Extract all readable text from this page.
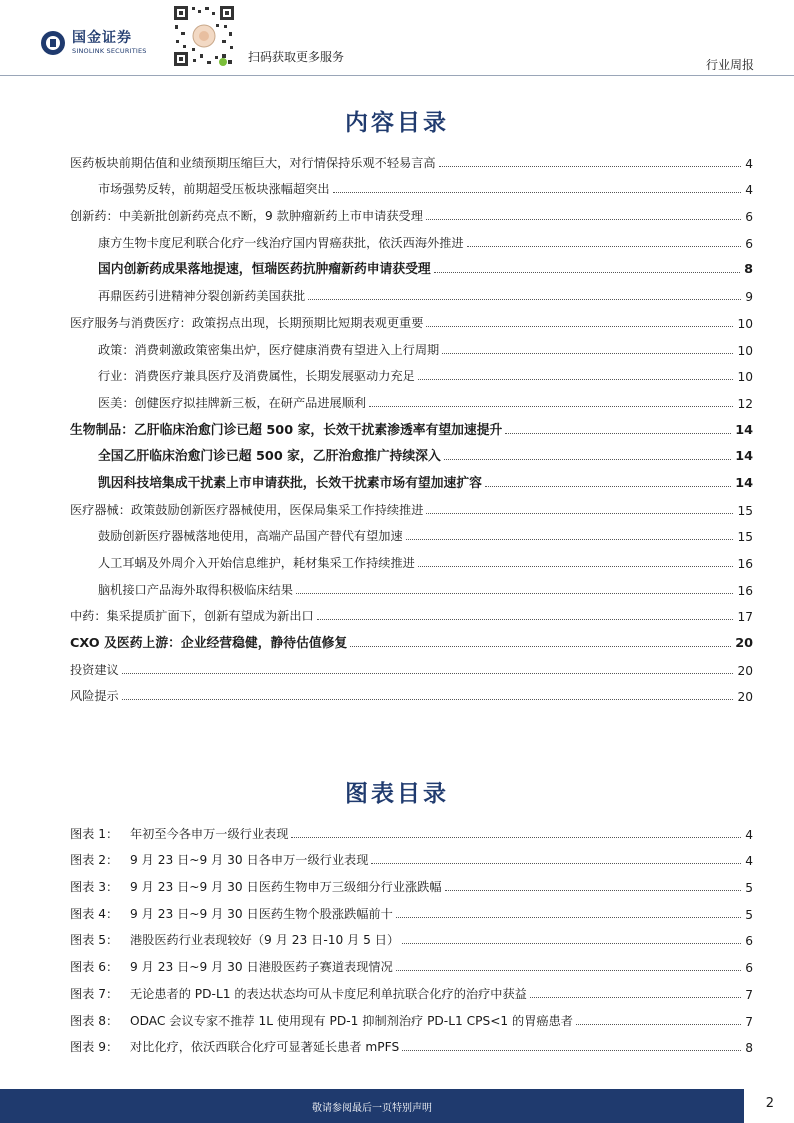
国金证券
SINOLINK SECURITIES	扫码获取更多服务
行业周报
内容目录
医药板块前期估值和业绩预期压缩巨大，对行情保持乐观不轻易言高	4
市场强势反转，前期超受压板块涨幅超突出	4
创新药：中美新批创新药亮点不断，9 款肿瘤新药上市申请获受理	6
康方生物卡度尼利联合化疗一线治疗国内胃癌获批，依沃西海外推进	6
国内创新药成果落地提速，恒瑞医药抗肿瘤新药申请获受理	8
再鼎医药引进精神分裂创新药美国获批	9
医疗服务与消费医疗：政策拐点出现，长期预期比短期表观更重要	10
政策：消费刺激政策密集出炉，医疗健康消费有望进入上行周期	10
行业：消费医疗兼具医疗及消费属性，长期发展驱动力充足	10
医美：创健医疗拟挂牌新三板，在研产品进展顺利	12
生物制品：乙肝临床治愈门诊已超 500 家，长效干扰素渗透率有望加速提升	14
全国乙肝临床治愈门诊已超 500 家，乙肝治愈推广持续深入	14
凯因科技培集成干扰素上市申请获批，长效干扰素市场有望加速扩容	14
医疗器械：政策鼓励创新医疗器械使用，医保局集采工作持续推进	15
鼓励创新医疗器械落地使用，高端产品国产替代有望加速	15
人工耳蜗及外周介入开始信息维护，耗材集采工作持续推进	16
脑机接口产品海外取得积极临床结果	16
中药：集采提质扩面下，创新有望成为新出口	17
CXO 及医药上游：企业经营稳健，静待估值修复	20
投资建议	20
风险提示	20
图表目录
图表 1： 年初至今各申万一级行业表现	4
图表 2： 9 月 23 日~9 月 30 日各申万一级行业表现	4
图表 3： 9 月 23 日~9 月 30 日医药生物申万三级细分行业涨跌幅	5
图表 4： 9 月 23 日~9 月 30 日医药生物个股涨跌幅前十	5
图表 5： 港股医药行业表现较好（9 月 23 日-10 月 5 日）	6
图表 6： 9 月 23 日~9 月 30 日港股医药子赛道表现情况	6
图表 7： 无论患者的 PD-L1 的表达状态均可从卡度尼利单抗联合化疗的治疗中获益	7
图表 8： ODAC 会议专家不推荐 1L 使用现有 PD-1 抑制剂治疗 PD-L1 CPS<1 的胃癌患者	7
图表 9： 对比化疗，依沃西联合化疗可显著延长患者 mPFS	8
敬请参阅最后一页特别声明	2
